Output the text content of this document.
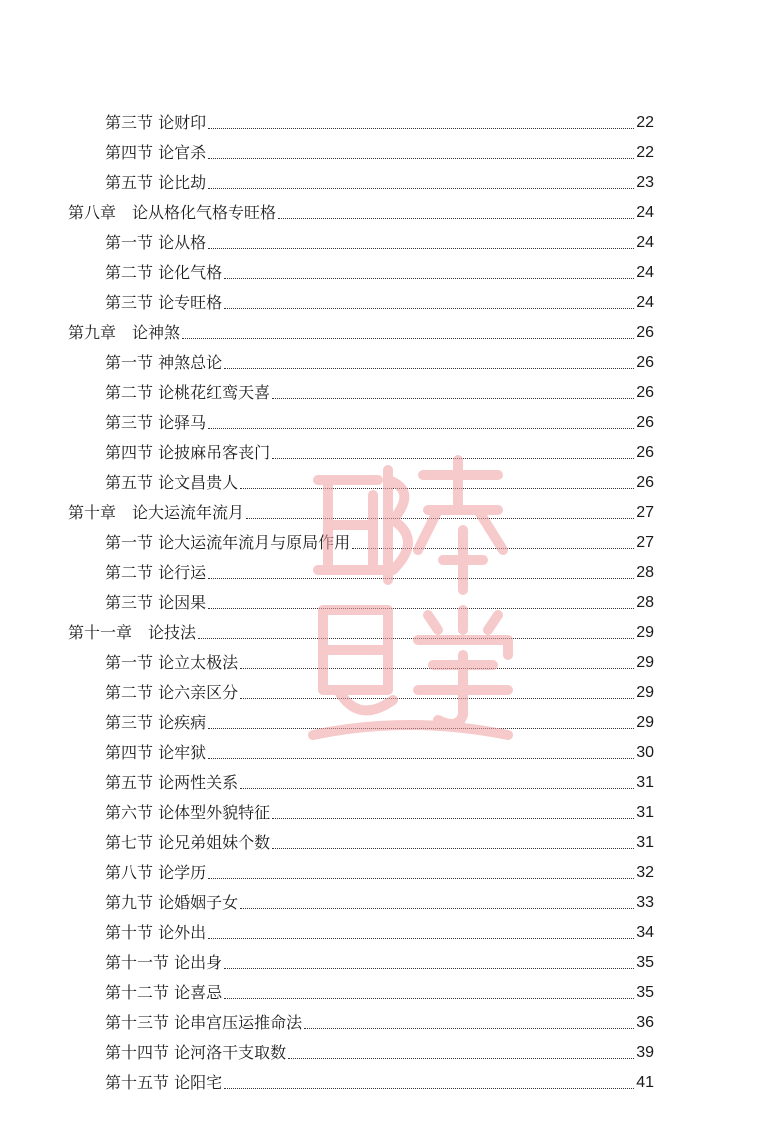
第三节 论财印	22
第四节 论官杀	22
第五节 论比劫	23
第八章　 论从格化气格专旺格	24
第一节 论从格	24
第二节 论化气格	24
第三节 论专旺格	24
第九章　 论神煞	26
第一节 神煞总论	26
第二节 论桃花红鸾天喜	26
第三节 论驿马	26
第四节 论披麻吊客丧门	26
第五节 论文昌贵人	26
第十章　 论大运流年流月	27
第一节 论大运流年流月与原局作用	27
第二节 论行运	28
第三节 论因果	28
第十一章　 论技法	29
第一节 论立太极法	29
第二节 论六亲区分	29
第三节 论疾病	29
第四节 论牢狱	30
第五节 论两性关系	31
第六节 论体型外貌特征	31
第七节 论兄弟姐妹个数	31
第八节 论学历	32
第九节 论婚姻子女	33
第十节 论外出	34
第十一节 论出身	35
第十二节 论喜忌	35
第十三节 论串宫压运推命法	36
第十四节 论河洛干支取数	39
第十五节 论阳宅	41
